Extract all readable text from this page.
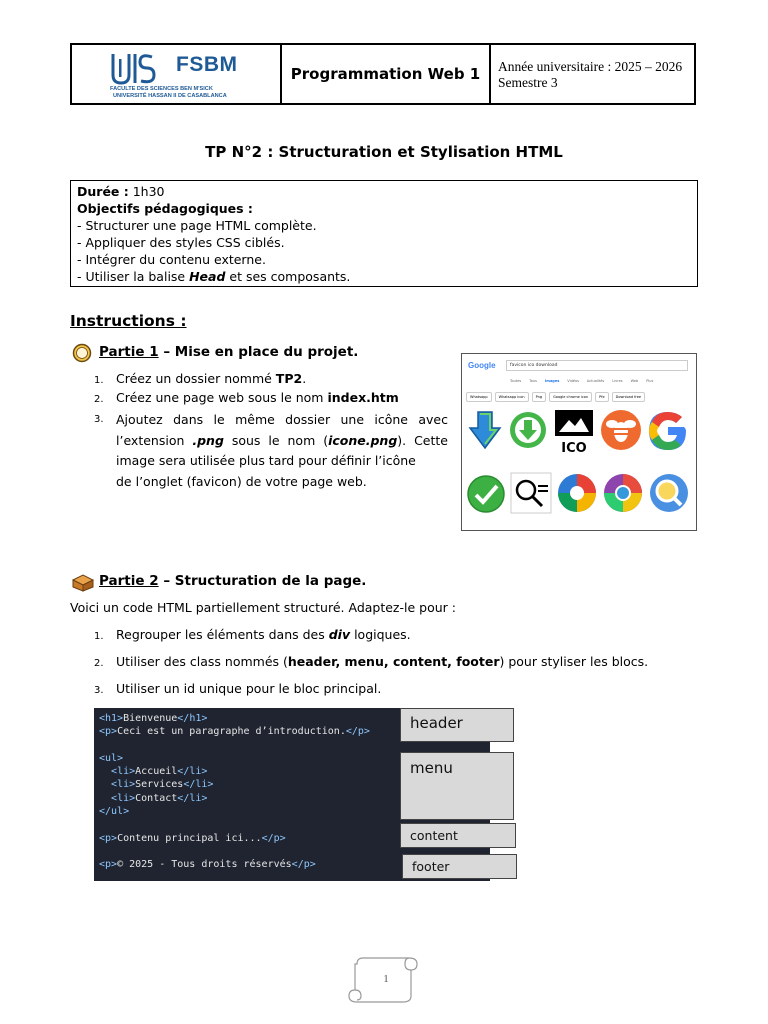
FSBM
FACULTE DES SCIENCES BEN M'SICK
UNIVERSITÉ HASSAN II DE CASABLANCA
Programmation Web 1	Année universitaire : 2025 – 2026
Semestre 3
TP N°2 : Structuration et Stylisation HTML
Durée : 1h30
Objectifs pédagogiques :
- Structurer une page HTML complète.
- Appliquer des styles CSS ciblés.
- Intégrer du contenu externe.
- Utiliser la balise Head et ses composants.
Instructions :
Partie 1 – Mise en place du projet.
1. Créez un dossier nommé TP2.
2. Créez une page web sous le nom index.htm
3. Ajoutez dans le même dossier une icône avec
l’extension .png sous le nom (icone.png). Cette
image sera utilisée plus tard pour définir l’icône
de l’onglet (favicon) de votre page web.
Google	favicon ico download
Toutes Tous Images Vidéos Actualités Livres Web Plus
Whatsapp	Whatsapp icon	Png	Google chrome icon	Pfe	Download free
ICO
Partie 2 – Structuration de la page.
Voici un code HTML partiellement structuré. Adaptez-le pour :
1. Regrouper les éléments dans des div logiques.
2. Utiliser des class nommés (header, menu, content, footer) pour styliser les blocs.
3. Utiliser un id unique pour le bloc principal.
<h1>Bienvenue</h1>
<p>Ceci est un paragraphe d’introduction.</p>

<ul>
<li>Accueil</li>
<li>Services</li>
<li>Contact</li>
</ul>

<p>Contenu principal ici...</p>

<p>© 2025 - Tous droits réservés</p>
header
menu
content
footer
1
